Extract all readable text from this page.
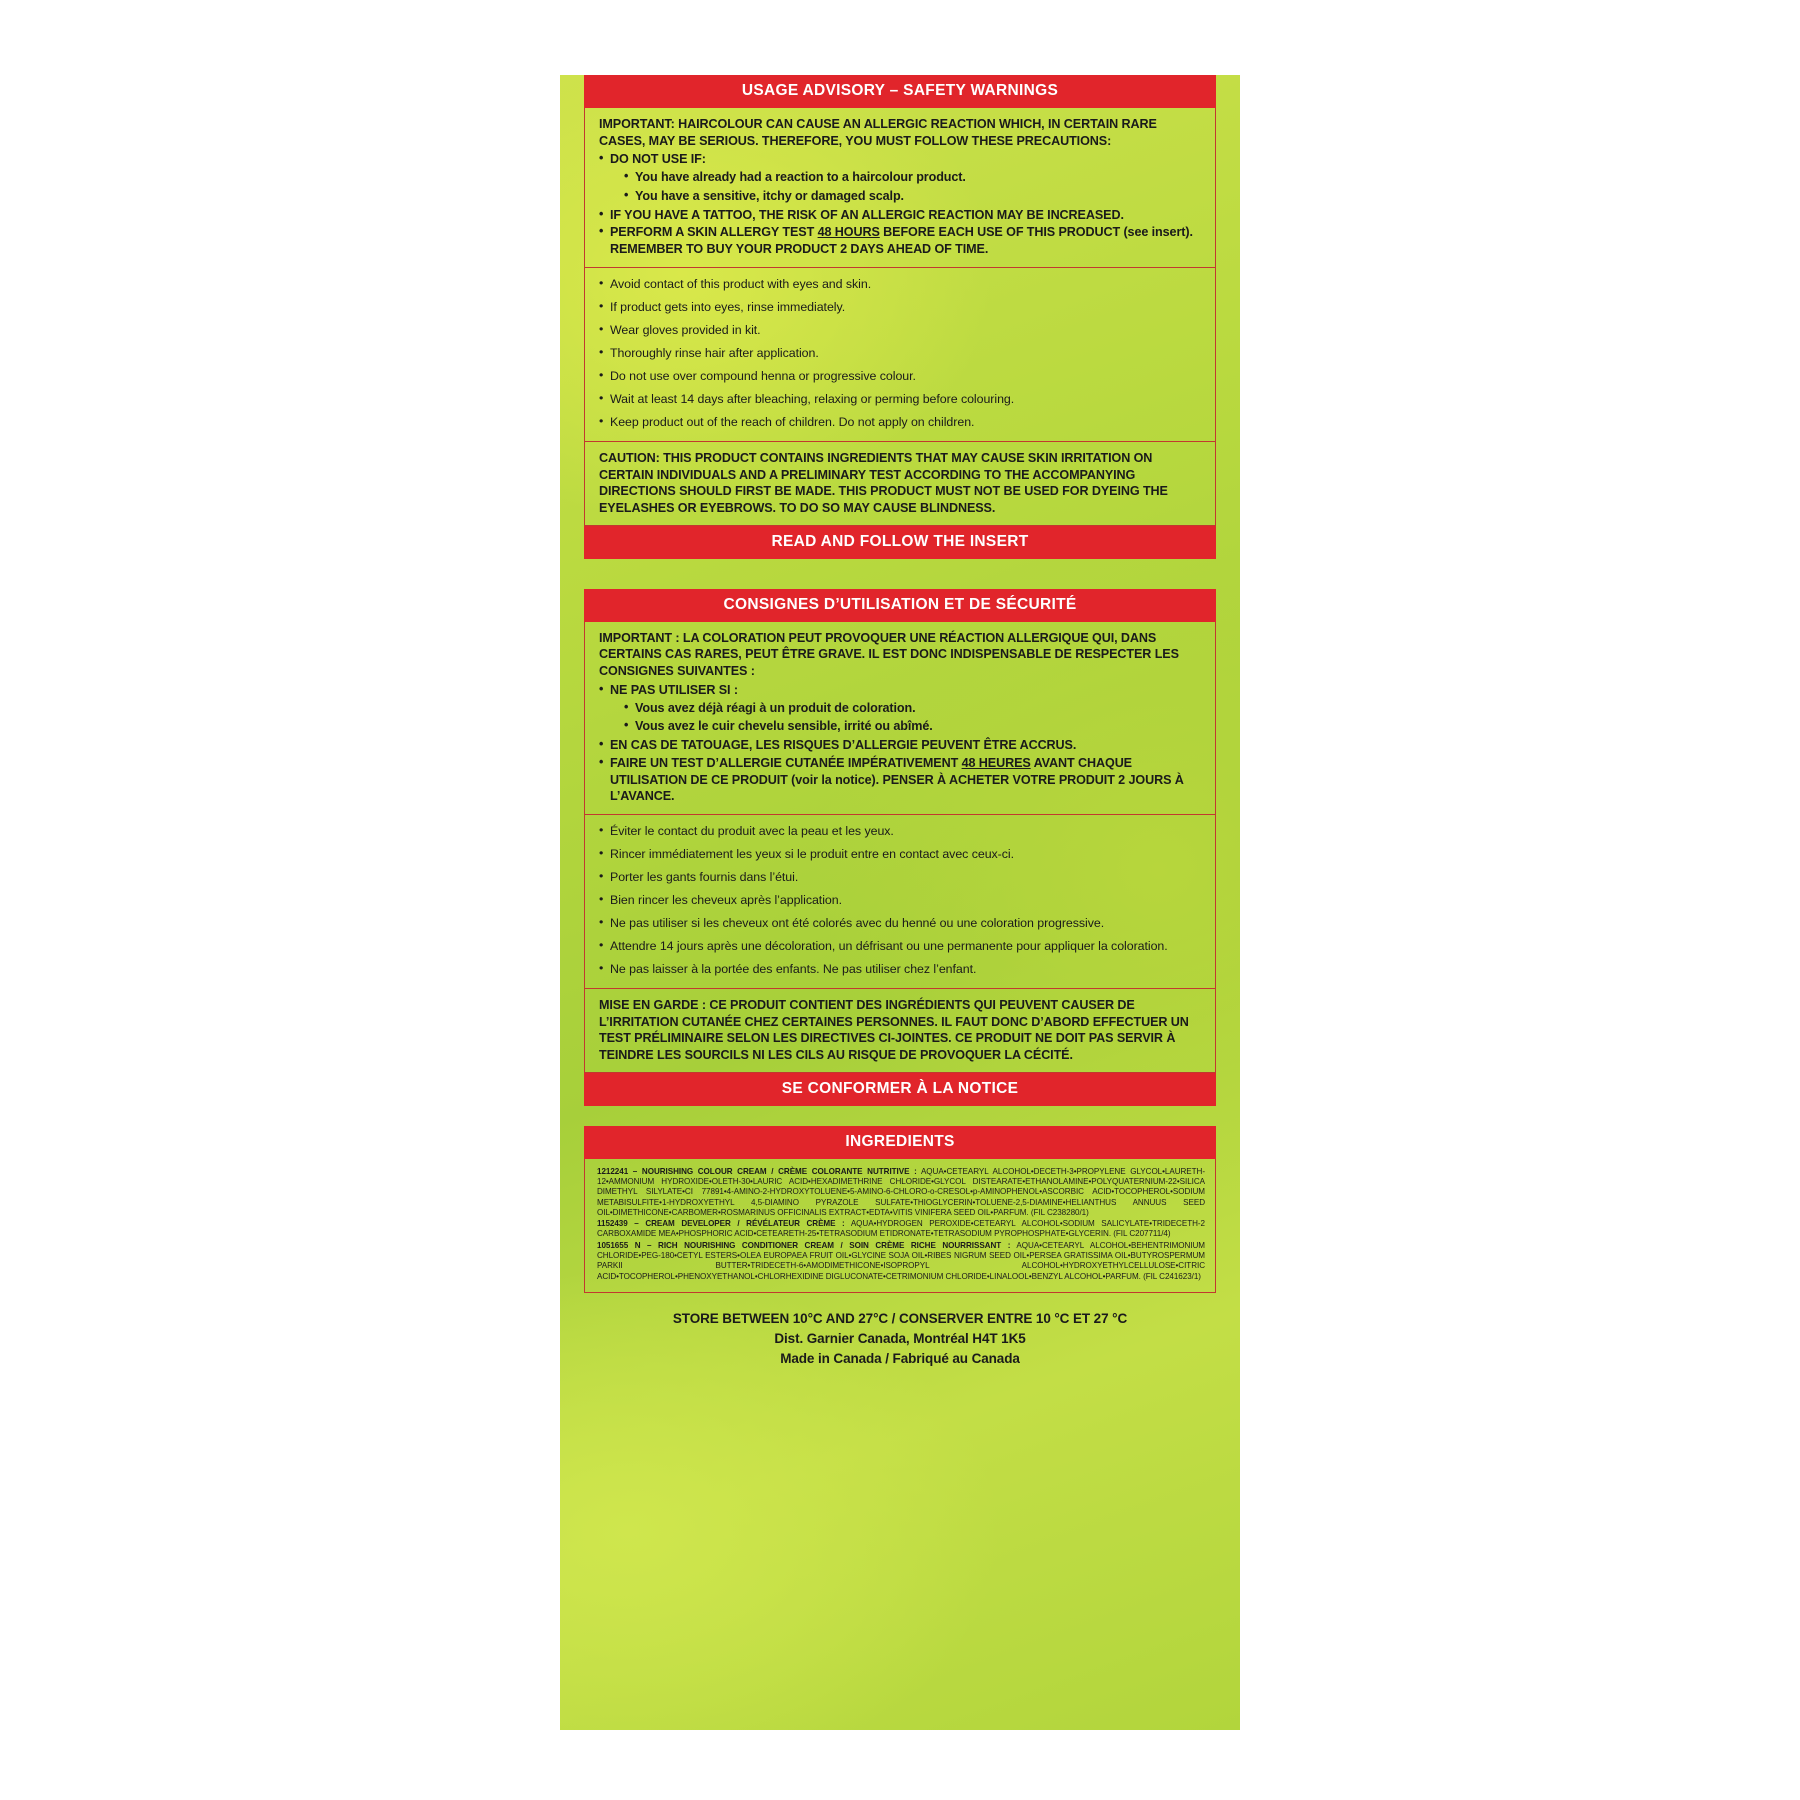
USAGE ADVISORY – SAFETY WARNINGS
IMPORTANT: HAIRCOLOUR CAN CAUSE AN ALLERGIC REACTION WHICH, IN CERTAIN RARE CASES, MAY BE SERIOUS. THEREFORE, YOU MUST FOLLOW THESE PRECAUTIONS:
• DO NOT USE IF:
• You have already had a reaction to a haircolour product.
• You have a sensitive, itchy or damaged scalp.
• IF YOU HAVE A TATTOO, THE RISK OF AN ALLERGIC REACTION MAY BE INCREASED.
• PERFORM A SKIN ALLERGY TEST 48 HOURS BEFORE EACH USE OF THIS PRODUCT (see insert). REMEMBER TO BUY YOUR PRODUCT 2 DAYS AHEAD OF TIME.
• Avoid contact of this product with eyes and skin.
• If product gets into eyes, rinse immediately.
• Wear gloves provided in kit.
• Thoroughly rinse hair after application.
• Do not use over compound henna or progressive colour.
• Wait at least 14 days after bleaching, relaxing or perming before colouring.
• Keep product out of the reach of children. Do not apply on children.
CAUTION: THIS PRODUCT CONTAINS INGREDIENTS THAT MAY CAUSE SKIN IRRITATION ON CERTAIN INDIVIDUALS AND A PRELIMINARY TEST ACCORDING TO THE ACCOMPANYING DIRECTIONS SHOULD FIRST BE MADE. THIS PRODUCT MUST NOT BE USED FOR DYEING THE EYELASHES OR EYEBROWS. TO DO SO MAY CAUSE BLINDNESS.
READ AND FOLLOW THE INSERT
CONSIGNES D’UTILISATION ET DE SÉCURITÉ
IMPORTANT : LA COLORATION PEUT PROVOQUER UNE RÉACTION ALLERGIQUE QUI, DANS CERTAINS CAS RARES, PEUT ÊTRE GRAVE. IL EST DONC INDISPENSABLE DE RESPECTER LES CONSIGNES SUIVANTES :
• NE PAS UTILISER SI :
• Vous avez déjà réagi à un produit de coloration.
• Vous avez le cuir chevelu sensible, irrité ou abîmé.
• EN CAS DE TATOUAGE, LES RISQUES D’ALLERGIE PEUVENT ÊTRE ACCRUS.
• FAIRE UN TEST D’ALLERGIE CUTANÉE IMPÉRATIVEMENT 48 HEURES AVANT CHAQUE UTILISATION DE CE PRODUIT (voir la notice). PENSER À ACHETER VOTRE PRODUIT 2 JOURS À L’AVANCE.
• Éviter le contact du produit avec la peau et les yeux.
• Rincer immédiatement les yeux si le produit entre en contact avec ceux-ci.
• Porter les gants fournis dans l’étui.
• Bien rincer les cheveux après l’application.
• Ne pas utiliser si les cheveux ont été colorés avec du henné ou une coloration progressive.
• Attendre 14 jours après une décoloration, un défrisant ou une permanente pour appliquer la coloration.
• Ne pas laisser à la portée des enfants. Ne pas utiliser chez l’enfant.
MISE EN GARDE : CE PRODUIT CONTIENT DES INGRÉDIENTS QUI PEUVENT CAUSER DE L’IRRITATION CUTANÉE CHEZ CERTAINES PERSONNES. IL FAUT DONC D’ABORD EFFECTUER UN TEST PRÉLIMINAIRE SELON LES DIRECTIVES CI-JOINTES. CE PRODUIT NE DOIT PAS SERVIR À TEINDRE LES SOURCILS NI LES CILS AU RISQUE DE PROVOQUER LA CÉCITÉ.
SE CONFORMER À LA NOTICE
INGREDIENTS

1212241 – NOURISHING COLOUR CREAM / CRÈME COLORANTE NUTRITIVE : AQUA•CETEARYL ALCOHOL•DECETH-3•PROPYLENE GLYCOL•LAURETH-12•AMMONIUM HYDROXIDE•OLETH-30•LAURIC ACID•HEXADIMETHRINE CHLORIDE•GLYCOL DISTEARATE•ETHANOLAMINE•POLYQUATERNIUM-22•SILICA DIMETHYL SILYLATE•CI 77891•4-AMINO-2-HYDROXYTOLUENE•5-AMINO-6-CHLORO-o-CRESOL•p-AMINOPHENOL•ASCORBIC ACID•TOCOPHEROL•SODIUM METABISULFITE•1-HYDROXYETHYL 4,5-DIAMINO PYRAZOLE SULFATE•THIOGLYCERIN•TOLUENE-2,5-DIAMINE•HELIANTHUS ANNUUS SEED OIL•DIMETHICONE•CARBOMER•ROSMARINUS OFFICINALIS EXTRACT•EDTA•VITIS VINIFERA SEED OIL•PARFUM. (FIL C238280/1)

1152439 – CREAM DEVELOPER / RÉVÉLATEUR CRÈME : AQUA•HYDROGEN PEROXIDE•CETEARYL ALCOHOL•SODIUM SALICYLATE•TRIDECETH-2 CARBOXAMIDE MEA•PHOSPHORIC ACID•CETEARETH-25•TETRASODIUM ETIDRONATE•TETRASODIUM PYROPHOSPHATE•GLYCERIN. (FIL C207711/4)

1051655 N – RICH NOURISHING CONDITIONER CREAM / SOIN CRÈME RICHE NOURRISSANT : AQUA•CETEARYL ALCOHOL•BEHENTRIMONIUM CHLORIDE•PEG-180•CETYL ESTERS•OLEA EUROPAEA FRUIT OIL•GLYCINE SOJA OIL•RIBES NIGRUM SEED OIL•PERSEA GRATISSIMA OIL•BUTYROSPERMUM PARKII BUTTER•TRIDECETH-6•AMODIMETHICONE•ISOPROPYL ALCOHOL•HYDROXYETHYLCELLULOSE•CITRIC ACID•TOCOPHEROL•PHENOXYETHANOL•CHLORHEXIDINE DIGLUCONATE•CETRIMONIUM CHLORIDE•LINALOOL•BENZYL ALCOHOL•PARFUM. (FIL C241623/1)

STORE BETWEEN 10°C AND 27°C / CONSERVER ENTRE 10 °C ET 27 °C
Dist. Garnier Canada, Montréal H4T 1K5
Made in Canada / Fabriqué au Canada
